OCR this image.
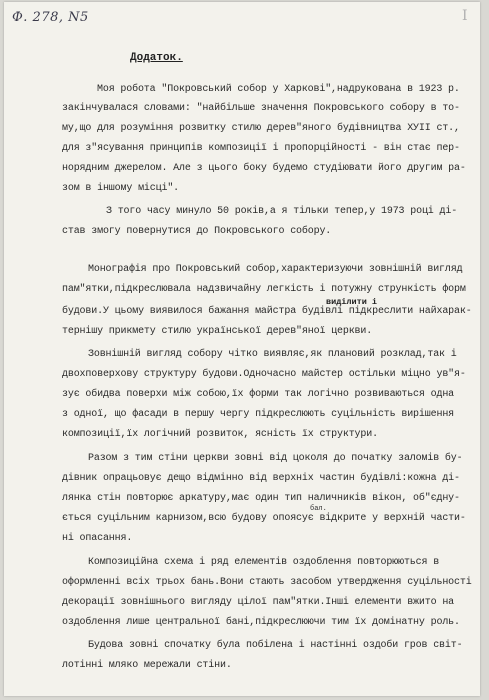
Ф. 278, N5	I
Додаток.
Моя робота "Покровський собор у Харкові",надрукована в 1923 р.
закінчувалася словами: "найбільше значення Покровського собору в то-
му,що для розуміння розвитку стилю дерев"яного будівництва XУІІ ст.,
для з"ясування принципів композиції і пропорційності - він стає пер-
норядним джерелом. Але з цього боку будемо студіювати його другим ра-
зом в іншому місці".
З того часу минуло 50 років,а я тільки тепер,у 1973 році ді-
став змогу повернутися до Покровського собору.
Монографія про Покровський собор,характеризуючи зовнішній вигляд
пам"ятки,підкреслювала надзвичайну легкість і потужну стрункість форм
виділити і
будови.У цьому виявилося бажання майстра будівлі підкреслити найхарак-
тернішу прикмету стилю української дерев"яної церкви.
Зовнішній вигляд собору чітко виявляє,як плановий розклад,так і
двохповерхову структуру будови.Одночасно майстер остільки міцно ув"я-
зує обидва поверхи між собою,їх форми так логічно розвиваються одна
з одної, що фасади в першу чергу підкреслюють суцільність вирішення
композиції,їх логічний розвиток, ясність їх структури.
Разом з тим стіни церкви зовні від цоколя до початку заломів бу-
дівник опрацьовує дещо відмінно від верхніх частин будівлі:кожна ді-
лянка стін повторює аркатуру,має один тип наличників вікон, об"єдну-
бал.
ється суцільним карнизом,всю будову опоясує відкрите у верхній части-
ні опасання.
Композиційна схема і ряд елементів оздоблення повторюються в
оформленні всіх трьох бань.Вони стають засобом утвердження суцільності
декорації зовнішнього вигляду цілої пам"ятки.Інші елементи вжито на
оздоблення лише центральної бані,підкреслюючи тим їх домінатну роль.
Будова зовні спочатку була побілена і настінні оздоби гров світ-
лотінні мляко мережали стіни.
